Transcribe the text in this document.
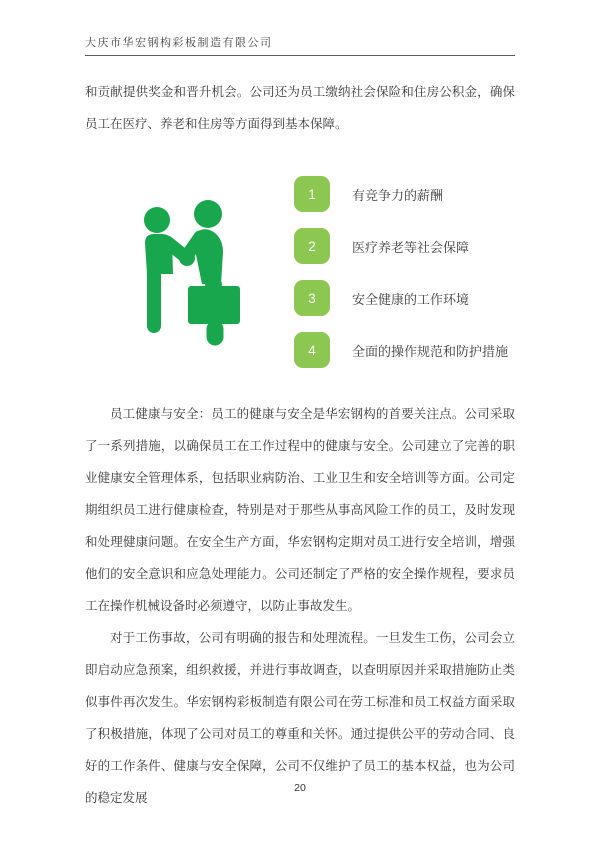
大庆市华宏钢构彩板制造有限公司

和贡献提供奖金和晋升机会。公司还为员工缴纳社会保险和住房公积金，确保员工在医疗、养老和住房等方面得到基本保障。

1	有竞争力的薪酬
2	医疗养老等社会保障
3	安全健康的工作环境
4	全面的操作规范和防护措施

员工健康与安全：员工的健康与安全是华宏钢构的首要关注点。公司采取了一系列措施，以确保员工在工作过程中的健康与安全。公司建立了完善的职业健康安全管理体系，包括职业病防治、工业卫生和安全培训等方面。公司定期组织员工进行健康检查，特别是对于那些从事高风险工作的员工，及时发现和处理健康问题。在安全生产方面，华宏钢构定期对员工进行安全培训，增强他们的安全意识和应急处理能力。公司还制定了严格的安全操作规程，要求员工在操作机械设备时必须遵守，以防止事故发生。

对于工伤事故，公司有明确的报告和处理流程。一旦发生工伤，公司会立即启动应急预案，组织救援，并进行事故调查，以查明原因并采取措施防止类似事件再次发生。华宏钢构彩板制造有限公司在劳工标准和员工权益方面采取了积极措施，体现了公司对员工的尊重和关怀。通过提供公平的劳动合同、良好的工作条件、健康与安全保障，公司不仅维护了员工的基本权益，也为公司的稳定发展

20
